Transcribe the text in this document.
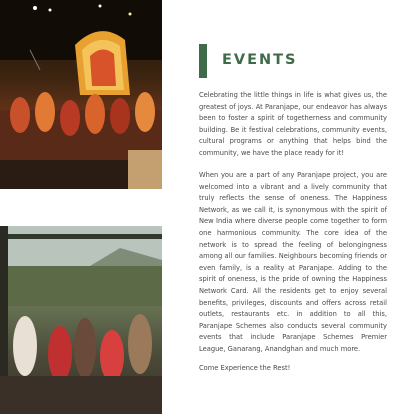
EVENTS

Celebrating the little things in life is what gives us, the greatest of joys. At Paranjape, our endeavor has always been to foster a spirit of togetherness and community building. Be it festival celebrations, community events, cultural programs or anything that helps bind the community, we have the place ready for it!

When you are a part of any Paranjape project, you are welcomed into a vibrant and a lively community that truly reflects the sense of oneness. The Happiness Network, as we call it, is synonymous with the spirit of New India where diverse people come together to form one harmonious community. The core idea of the network is to spread the feeling of belongingness among all our families. Neighbours becoming friends or even family, is a reality at Paranjape. Adding to the spirit of oneness, is the pride of owning the Happiness Network Card. All the residents get to enjoy several benefits, privileges, discounts and offers across retail outlets, restaurants etc. in addition to all this, Paranjape Schemes also conducts several community events that include Paranjape Schemes Premier League, Ganarang, Anandghan and much more.

Come Experience the Rest!
